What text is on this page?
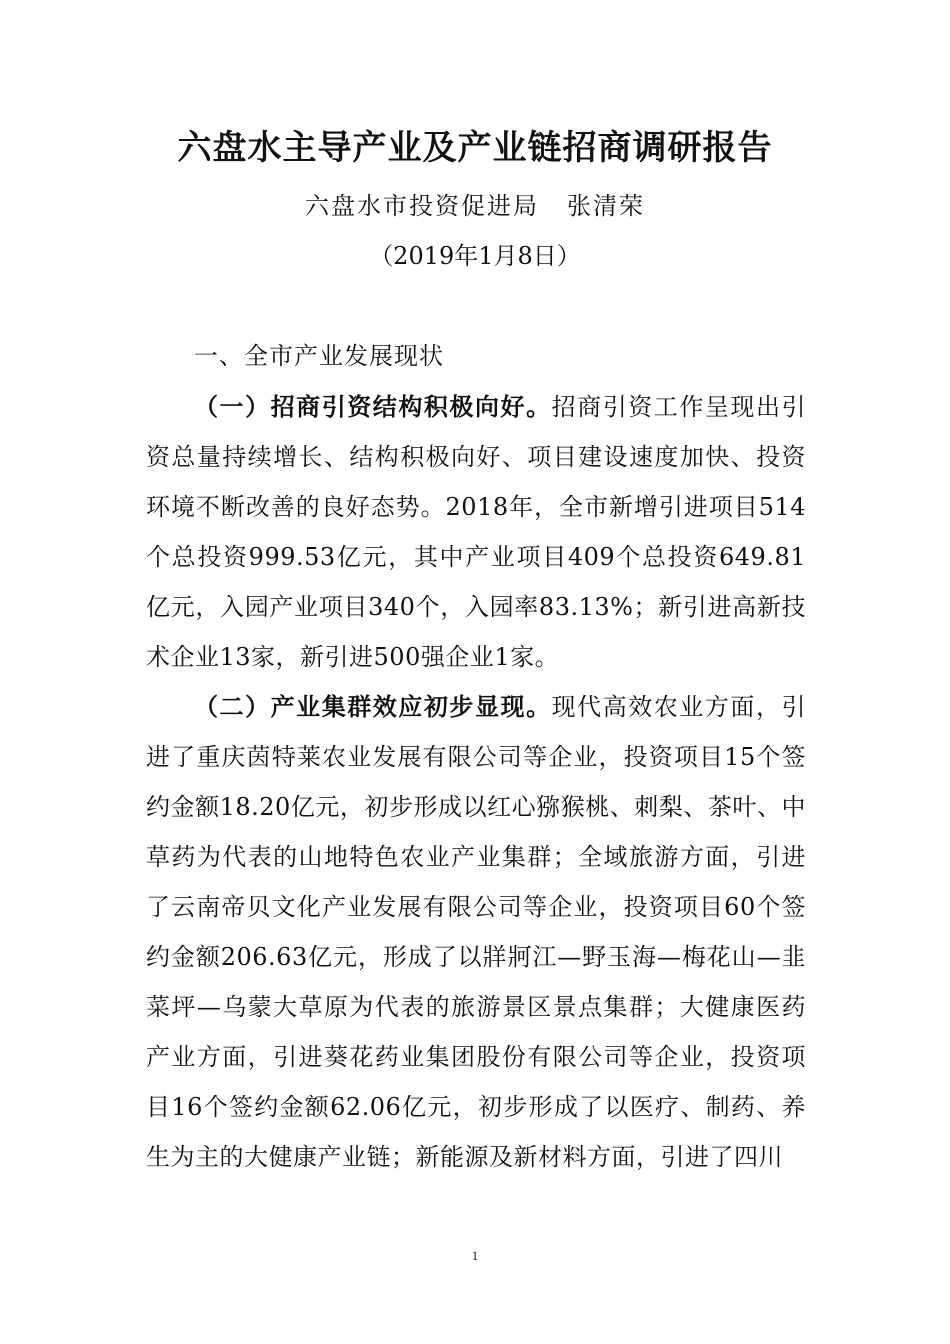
六盘水主导产业及产业链招商调研报告
六盘水市投资促进局 张清荣
（2019年1月8日）
一、全市产业发展现状

（一）招商引资结构积极向好。招商引资工作呈现出引资总量持续增长、结构积极向好、项目建设速度加快、投资环境不断改善的良好态势。2018年，全市新增引进项目514个总投资999.53亿元，其中产业项目409个总投资649.81亿元，入园产业项目340个，入园率83.13%；新引进高新技术企业13家，新引进500强企业1家。

（二）产业集群效应初步显现。现代高效农业方面，引进了重庆茵特莱农业发展有限公司等企业，投资项目15个签约金额18.20亿元，初步形成以红心猕猴桃、刺梨、茶叶、中草药为代表的山地特色农业产业集群；全域旅游方面，引进了云南帝贝文化产业发展有限公司等企业，投资项目60个签约金额206.63亿元，形成了以牂牁江—野玉海—梅花山—韭菜坪—乌蒙大草原为代表的旅游景区景点集群；大健康医药产业方面，引进葵花药业集团股份有限公司等企业，投资项目16个签约金额62.06亿元，初步形成了以医疗、制药、养生为主的大健康产业链；新能源及新材料方面，引进了四川

1
